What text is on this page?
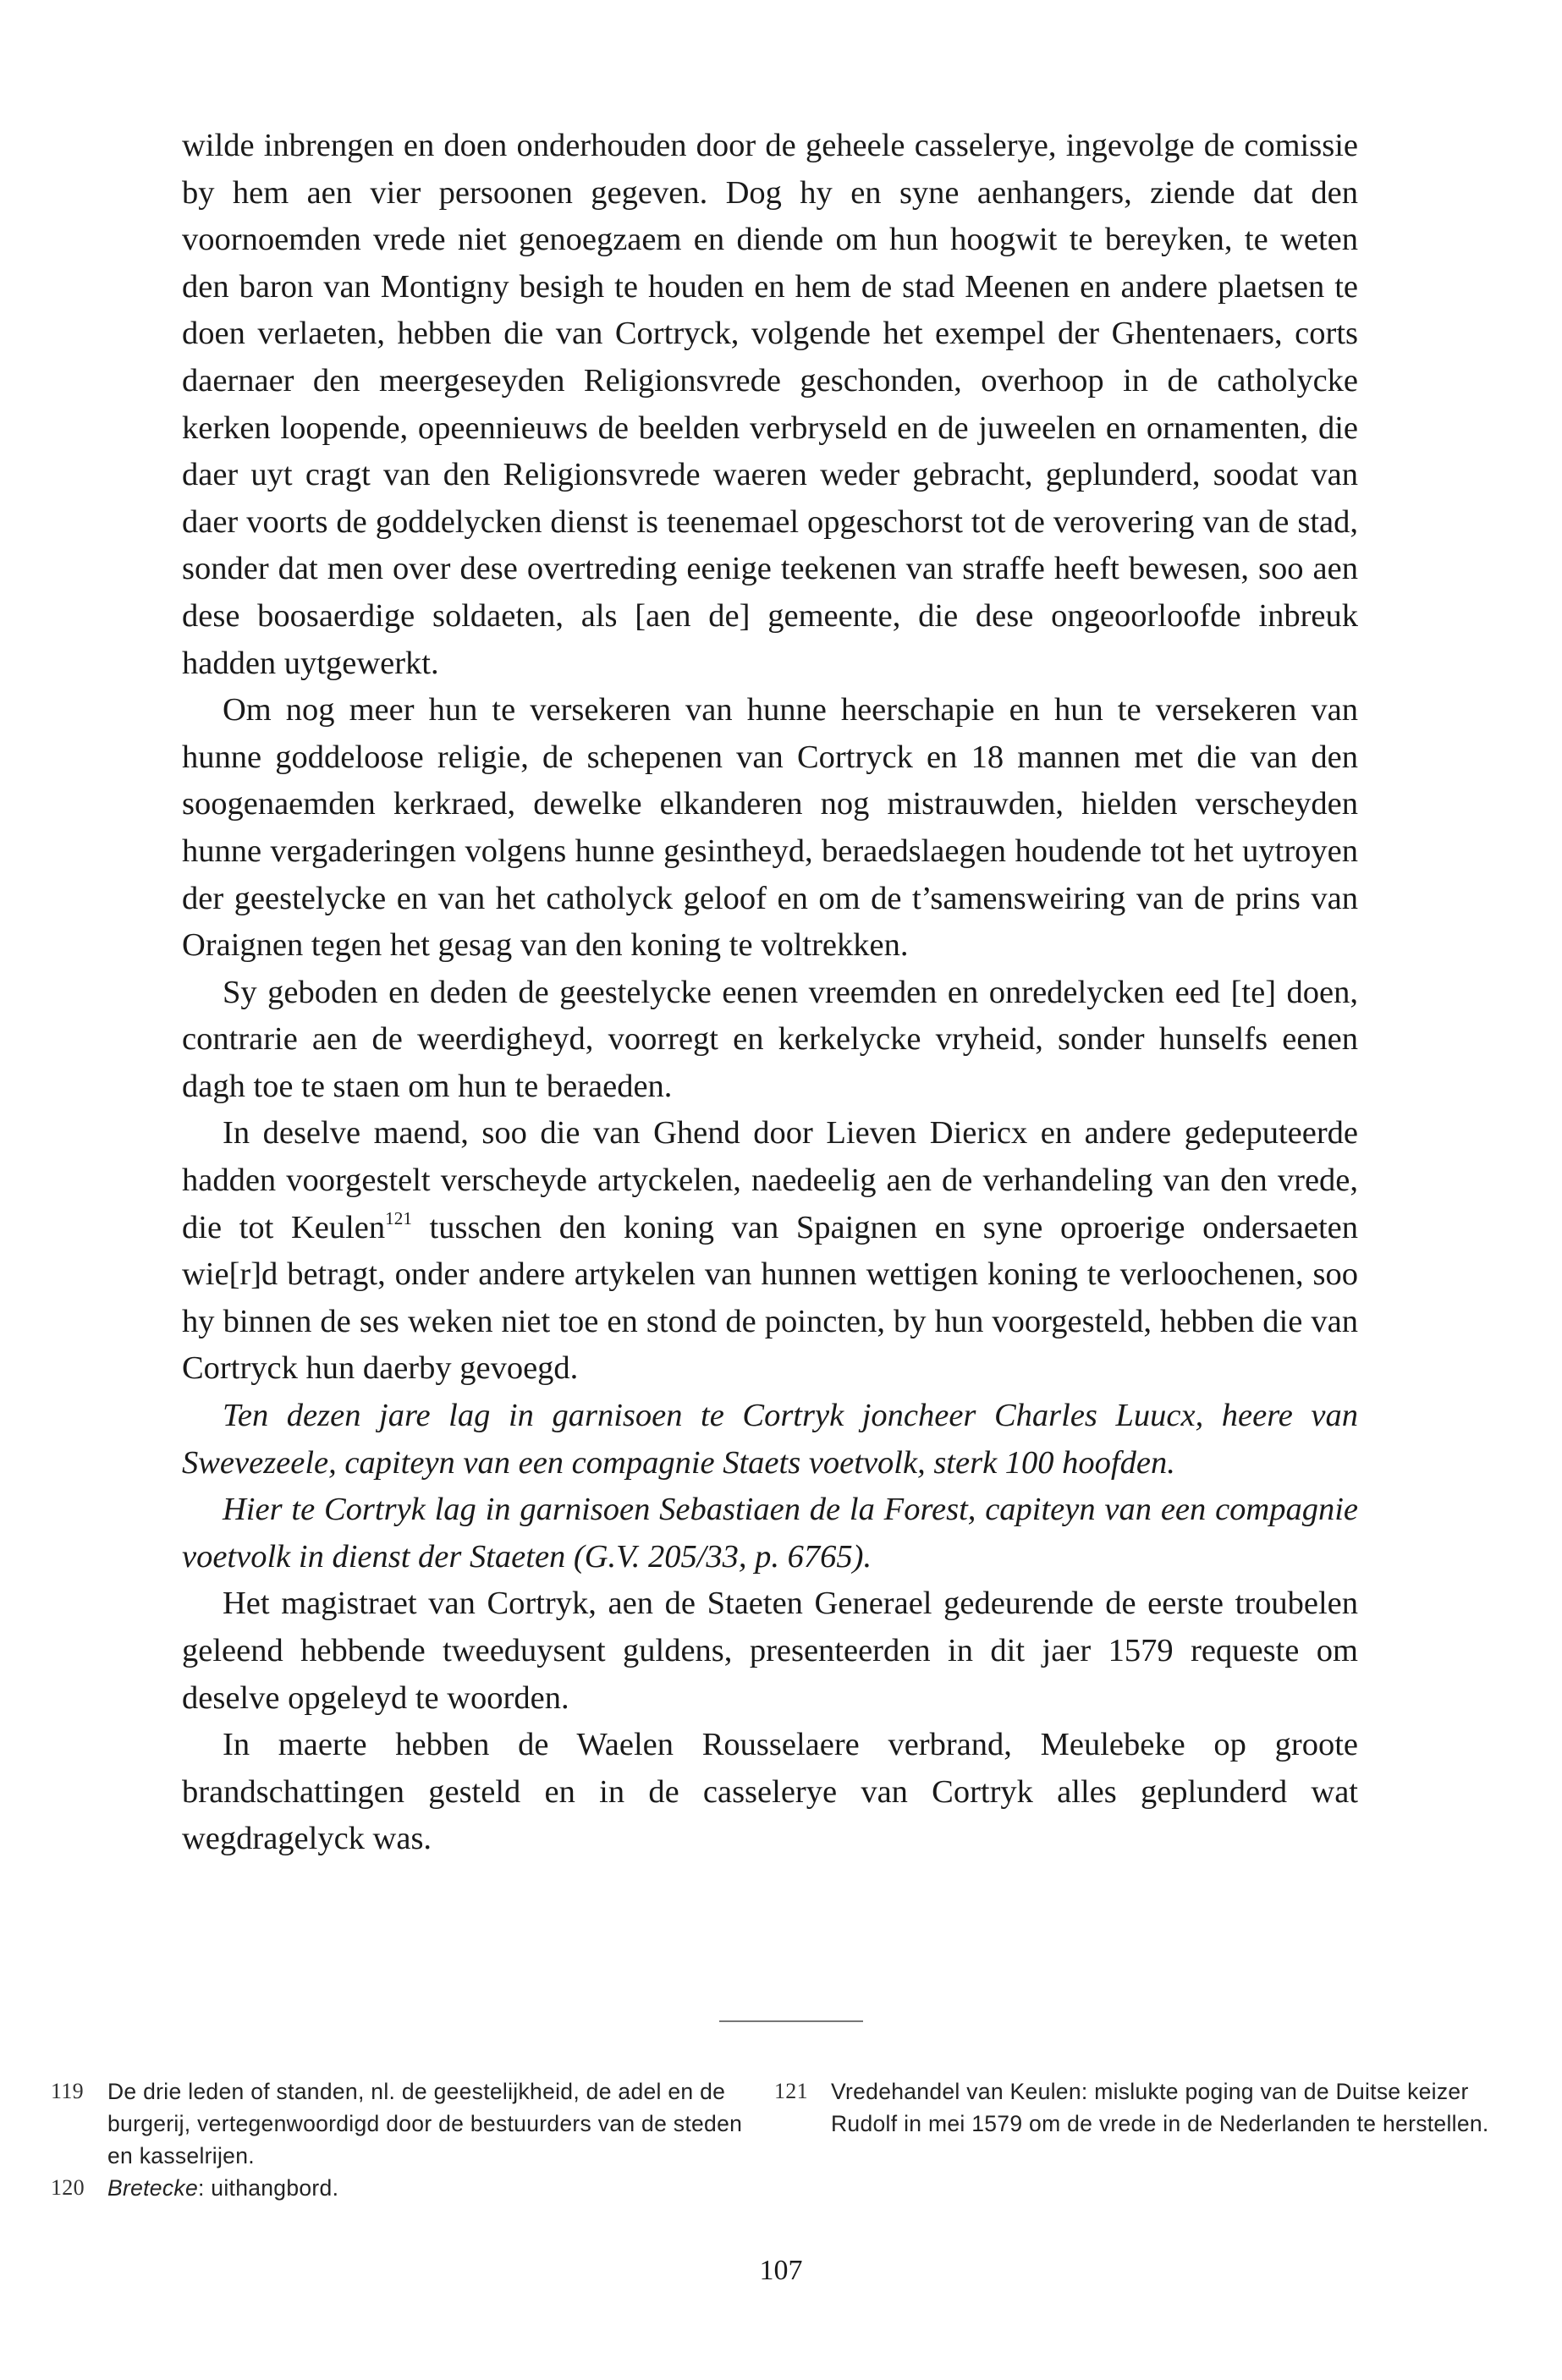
wilde inbrengen en doen onderhouden door de geheele casselerye, ingevolge de comissie by hem aen vier persoonen gegeven. Dog hy en syne aenhangers, ziende dat den voornoemden vrede niet genoegzaem en diende om hun hoogwit te bereyken, te weten den baron van Montigny besigh te houden en hem de stad Meenen en andere plaetsen te doen verlaeten, hebben die van Cortryck, volgende het exempel der Ghentenaers, corts daernaer den meergeseyden Religionsvrede geschonden, overhoop in de catholycke kerken loopende, opeennieuws de beelden verbryseld en de juweelen en ornamenten, die daer uyt cragt van den Religionsvrede waeren weder gebracht, geplunderd, soodat van daer voorts de goddelycken dienst is teenemael opgeschorst tot de verovering van de stad, sonder dat men over dese overtreding eenige teekenen van straffe heeft bewesen, soo aen dese boosaerdige soldaeten, als [aen de] gemeente, die dese ongeoorloofde inbreuk hadden uytgewerkt.

Om nog meer hun te versekeren van hunne heerschapie en hun te versekeren van hunne goddeloose religie, de schepenen van Cortryck en 18 mannen met die van den soogenaemden kerkraed, dewelke elkanderen nog mistrauwden, hielden verscheyden hunne vergaderingen volgens hunne gesintheyd, beraedslaegen houdende tot het uytroyen der geestelycke en van het catholyck geloof en om de t’samensweiring van de prins van Oraignen tegen het gesag van den koning te voltrekken.

Sy geboden en deden de geestelycke eenen vreemden en onredelycken eed [te] doen, contrarie aen de weerdigheyd, voorregt en kerkelycke vryheid, sonder hunselfs eenen dagh toe te staen om hun te beraeden.

In deselve maend, soo die van Ghend door Lieven Diericx en andere gedeputeerde hadden voorgestelt verscheyde artyckelen, naedeelig aen de verhandeling van den vrede, die tot Keulen$^{121}$ tusschen den koning van Spaignen en syne oproerige ondersaeten wie[r]d betragt, onder andere artykelen van hunnen wettigen koning te verloochenen, soo hy binnen de ses weken niet toe en stond de poincten, by hun voorgesteld, hebben die van Cortryck hun daerby gevoegd.

Ten dezen jare lag in garnisoen te Cortryk joncheer Charles Luucx, heere van Swevezeele, capiteyn van een compagnie Staets voetvolk, sterk 100 hoofden.

Hier te Cortryk lag in garnisoen Sebastiaen de la Forest, capiteyn van een compagnie voetvolk in dienst der Staeten (G.V. 205/33, p. 6765).

Het magistraet van Cortryk, aen de Staeten Generael gedeurende de eerste troubelen geleend hebbende tweeduysent guldens, presenteerden in dit jaer 1579 requeste om deselve opgeleyd te woorden.

In maerte hebben de Waelen Rousselaere verbrand, Meulebeke op groote brandschattingen gesteld en in de casselerye van Cortryk alles geplunderd wat wegdragelyck was.

119	De drie leden of standen, nl. de geestelijkheid, de adel en de burgerij, vertegenwoordigd door de bestuurders van de steden en kasselrijen.
120	Bretecke: uithangbord.
121	Vredehandel van Keulen: mislukte poging van de Duitse keizer Rudolf in mei 1579 om de vrede in de Nederlanden te herstellen.
107
